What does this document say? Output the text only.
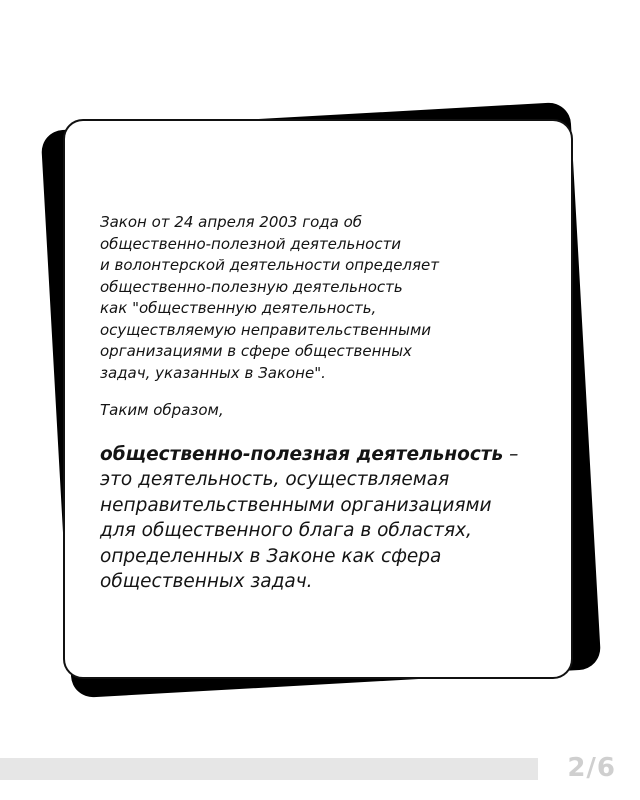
Закон от 24 апреля 2003 года об
общественно-полезной деятельности
и волонтерской деятельности определяет
общественно-полезную деятельность
как "общественную деятельность,
осуществляемую неправительственными
организациями в сфере общественных
задач, указанных в Законе".

Таким образом,

общественно-полезная деятельность –
это деятельность, осуществляемая
неправительственными организациями
для общественного блага в областях,
определенных в Законе как сфера
общественных задач.

2/6
